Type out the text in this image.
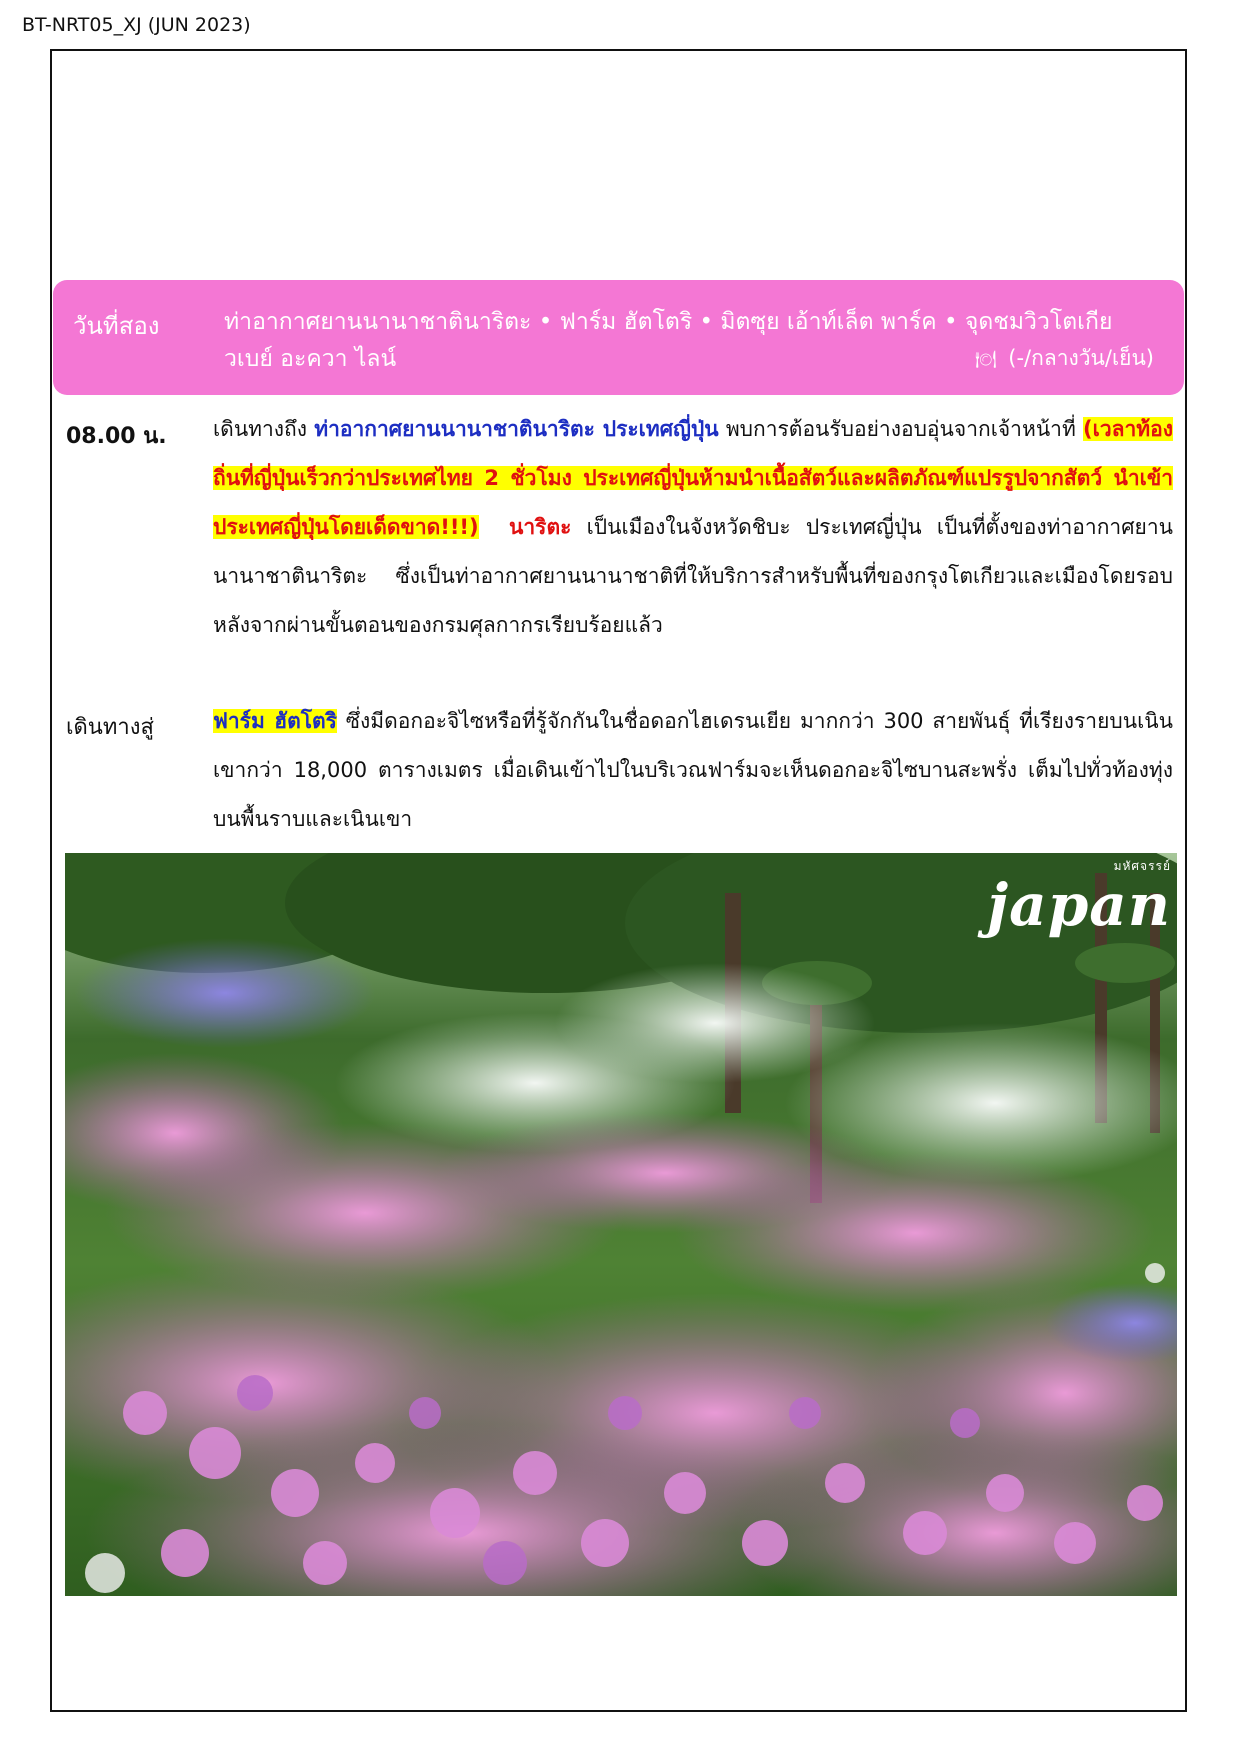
BT-NRT05_XJ (JUN 2023)
วันที่สอง	ท่าอากาศยานนานาชาตินาริตะ • ฟาร์ม ฮัตโตริ • มิตซุย เอ้าท์เล็ต พาร์ค • จุดชมวิวโตเกียวเบย์ อะควา ไลน์	🍽 (-/กลางวัน/เย็น)
08.00 น. เดินทางถึง ท่าอากาศยานนานาชาตินาริตะ ประเทศญี่ปุ่น พบการต้อนรับอย่างอบอุ่นจากเจ้าหน้าที่ (เวลาท้องถิ่นที่ญี่ปุ่นเร็วกว่าประเทศไทย 2 ชั่วโมง ประเทศญี่ปุ่นห้ามนำเนื้อสัตว์และผลิตภัณฑ์แปรรูปจากสัตว์ นำเข้าประเทศญี่ปุ่นโดยเด็ดขาด!!!) นาริตะ เป็นเมืองในจังหวัดชิบะ ประเทศญี่ปุ่น เป็นที่ตั้งของท่าอากาศยานนานาชาตินาริตะ ซึ่งเป็นท่าอากาศยานนานาชาติที่ให้บริการสำหรับพื้นที่ของกรุงโตเกียวและเมืองโดยรอบ หลังจากผ่านขั้นตอนของกรมศุลกากรเรียบร้อยแล้ว
เดินทางสู่	ฟาร์ม ฮัตโตริ ซึ่งมีดอกอะจิไซหรือที่รู้จักกันในชื่อดอกไฮเดรนเยีย มากกว่า 300 สายพันธุ์ ที่เรียงรายบนเนินเขากว่า 18,000 ตารางเมตร เมื่อเดินเข้าไปในบริเวณฟาร์มจะเห็นดอกอะจิไซบานสะพรั่ง เต็มไปทั่วท้องทุ่งบนพื้นราบและเนินเขา
มหัศจรรย์
japan
